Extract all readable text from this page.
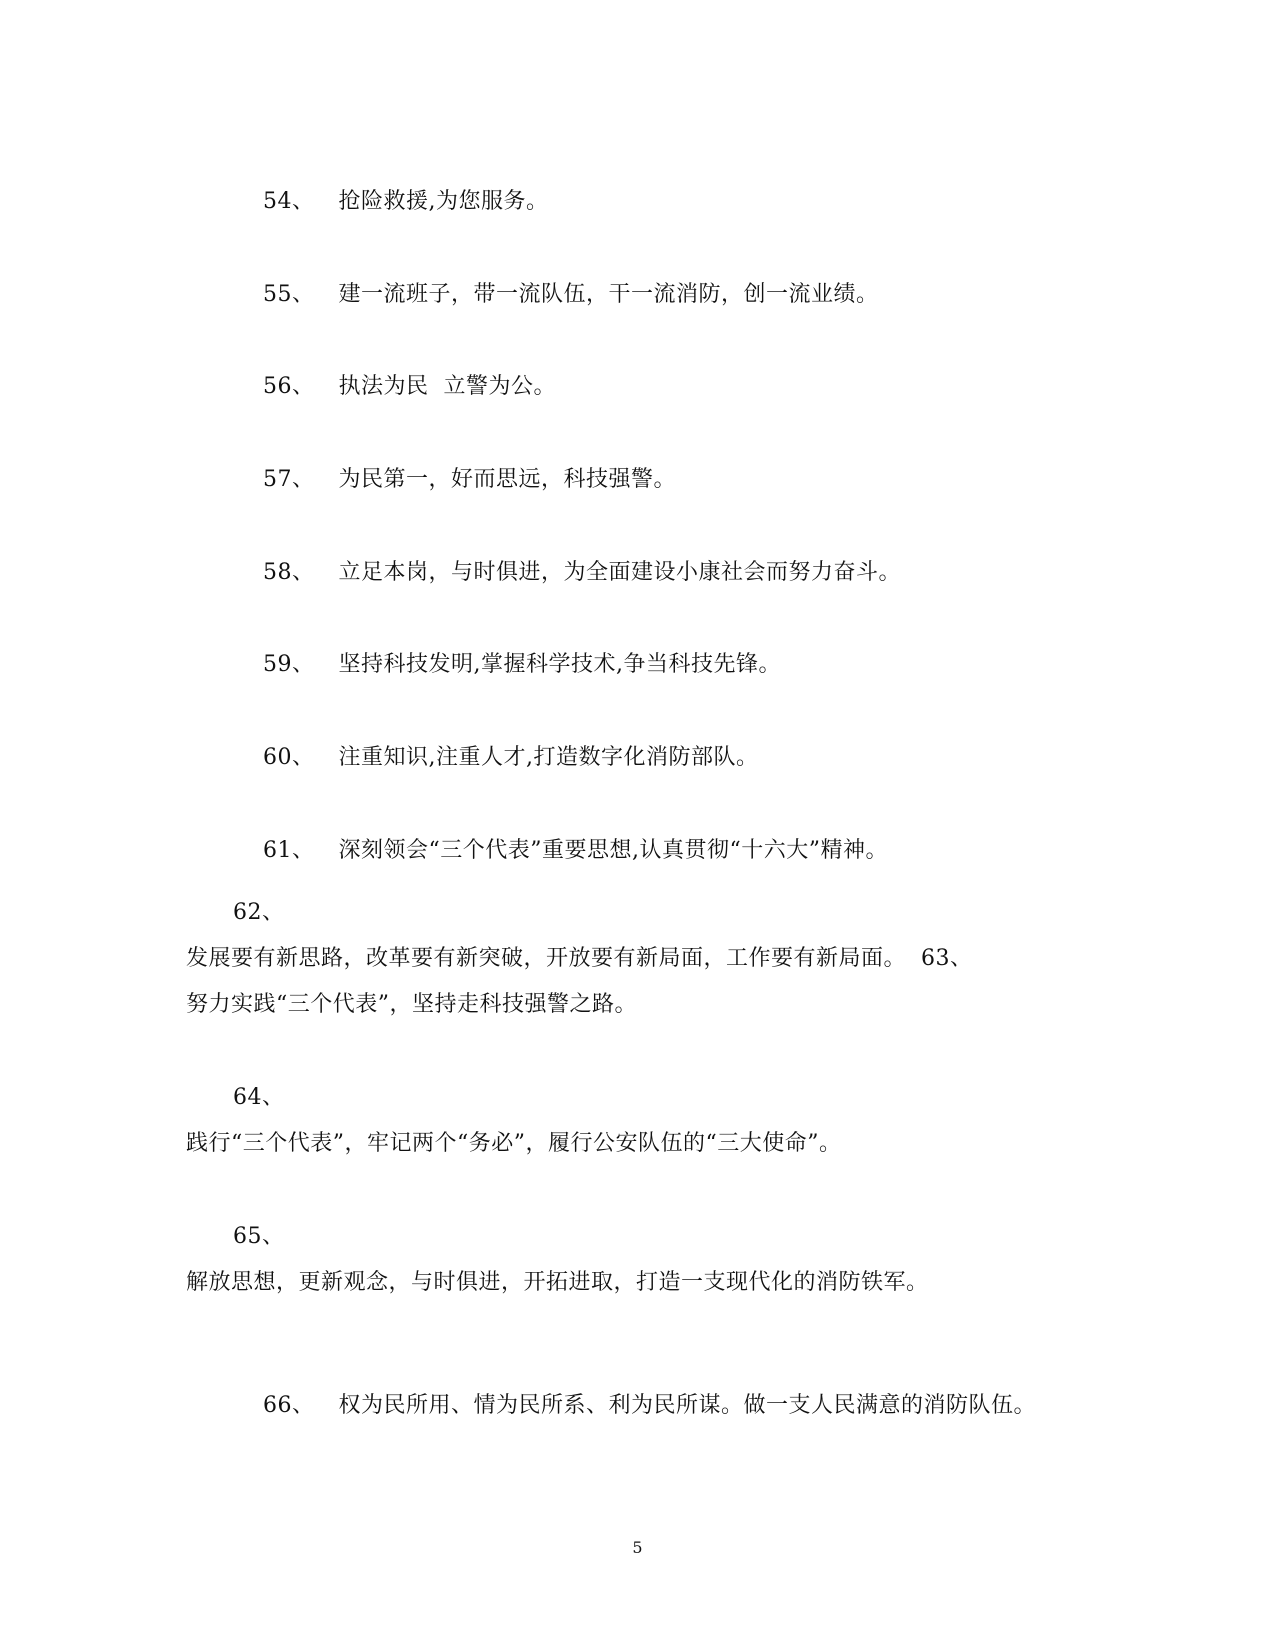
54、 抢险救援,为您服务。

55、 建一流班子，带一流队伍，干一流消防，创一流业绩。

56、 执法为民  立警为公。

57、 为民第一，好而思远，科技强警。

58、 立足本岗，与时俱进，为全面建设小康社会而努力奋斗。

59、 坚持科技发明,掌握科学技术,争当科技先锋。

60、 注重知识,注重人才,打造数字化消防部队。

61、 深刻领会“三个代表”重要思想,认真贯彻“十六大”精神。

62、
发展要有新思路，改革要有新突破，开放要有新局面，工作要有新局面。  63、
努力实践“三个代表”，坚持走科技强警之路。
64、
践行“三个代表”，牢记两个“务必”，履行公安队伍的“三大使命”。
65、
解放思想，更新观念，与时俱进，开拓进取，打造一支现代化的消防铁军。

66、 权为民所用、情为民所系、利为民所谋。做一支人民满意的消防队伍。

5
